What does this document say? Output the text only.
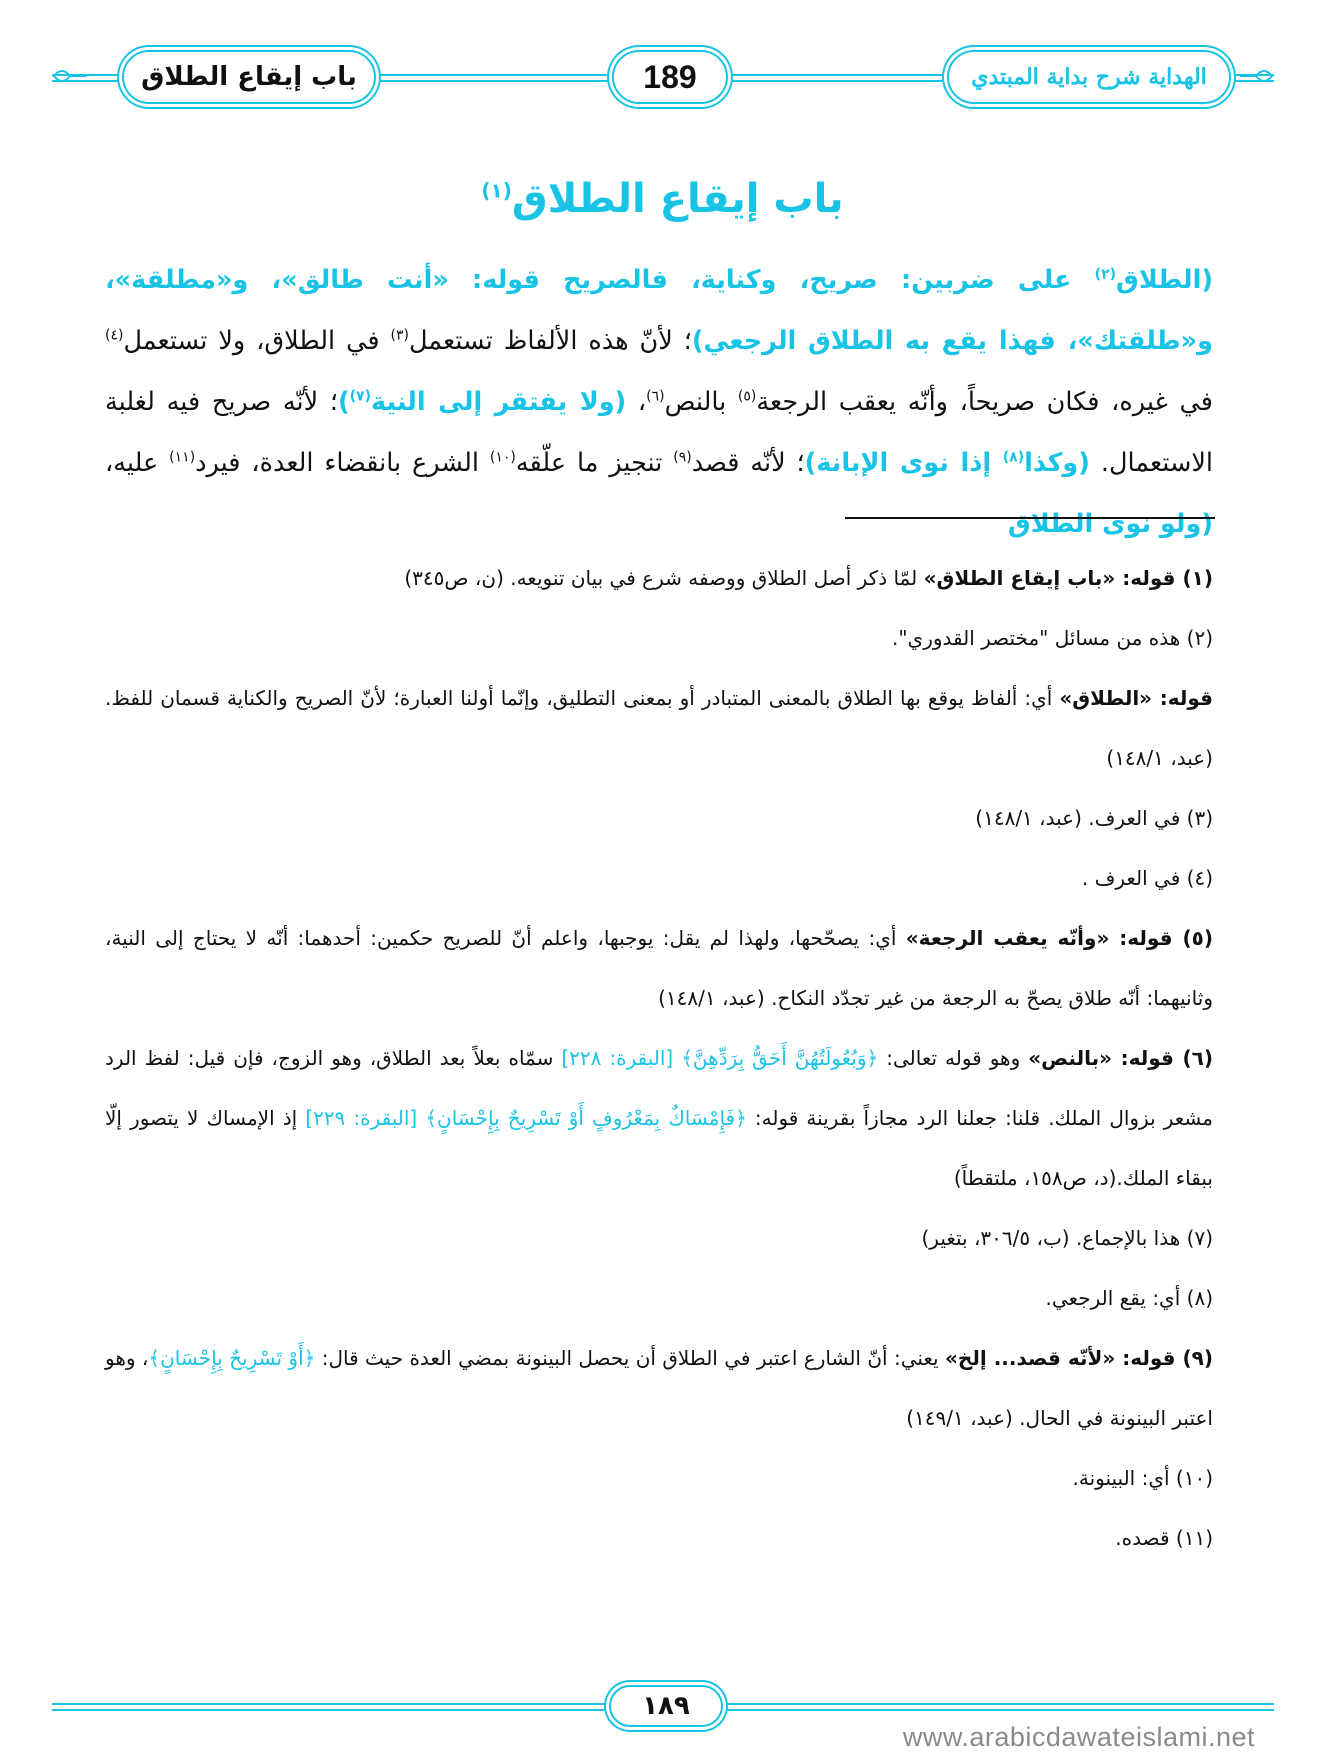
باب إيقاع الطلاق	189	الهداية شرح بداية المبتدي
باب إيقاع الطلاق$^{(١)}$
(الطلاق$^{(٢)}$ على ضربين: صريح، وكناية، فالصريح قوله: «أنت طالق»، و«مطلقة»، و«طلقتك»، فهذا يقع به الطلاق الرجعي)؛ لأنّ هذه الألفاظ تستعمل$^{(٣)}$ في الطلاق، ولا تستعمل$^{(٤)}$ في غيره، فكان صريحاً، وأنّه يعقب الرجعة$^{(٥)}$ بالنص$^{(٦)}$، (ولا يفتقر إلى النية$^{(٧)}$)؛ لأنّه صريح فيه لغلبة الاستعمال. (وكذا$^{(٨)}$ إذا نوى الإبانة)؛ لأنّه قصد$^{(٩)}$ تنجيز ما علّقه$^{(١٠)}$ الشرع بانقضاء العدة، فيرد$^{(١١)}$ عليه، (ولو نوى الطلاق
(١) قوله: «باب إيقاع الطلاق» لمّا ذكر أصل الطلاق ووصفه شرع في بيان تنويعه. (ن، ص٣٤٥)
(٢) هذه من مسائل "مختصر القدوري".
قوله: «الطلاق» أي: ألفاظ يوقع بها الطلاق بالمعنى المتبادر أو بمعنى التطليق، وإنّما أولنا العبارة؛ لأنّ الصريح والكناية قسمان للفظ. (عبد، ١٤٨/١)
(٣) في العرف. (عبد، ١٤٨/١)
(٤) في العرف .
(٥) قوله: «وأنّه يعقب الرجعة» أي: يصحّحها، ولهذا لم يقل: يوجبها، واعلم أنّ للصريح حكمين: أحدهما: أنّه لا يحتاج إلى النية، وثانيهما: أنّه طلاق يصحّ به الرجعة من غير تجدّد النكاح. (عبد، ١٤٨/١)
(٦) قوله: «بالنص» وهو قوله تعالى: ﴿وَبُعُولَتُهُنَّ أَحَقُّ بِرَدِّهِنَّ﴾ [البقرة: ٢٢٨] سمّاه بعلاً بعد الطلاق، وهو الزوج، فإن قيل: لفظ الرد مشعر بزوال الملك. قلنا: جعلنا الرد مجازاً بقرينة قوله: ﴿فَإِمْسَاكٌ بِمَعْرُوفٍ أَوْ تَسْرِيحٌ بِإِحْسَانٍ﴾ [البقرة: ٢٢٩] إذ الإمساك لا يتصور إلّا ببقاء الملك.(د، ص١٥٨، ملتقطاً)
(٧) هذا بالإجماع. (ب، ٣٠٦/٥، بتغير)
(٨) أي: يقع الرجعي.
(٩) قوله: «لأنّه قصد... إلخ» يعني: أنّ الشارع اعتبر في الطلاق أن يحصل البينونة بمضي العدة حيث قال: ﴿أَوْ تَسْرِيحٌ بِإِحْسَانٍ﴾، وهو اعتبر البينونة في الحال. (عبد، ١٤٩/١)
(١٠) أي: البينونة.
(١١) قصده.
١٨٩
www.arabicdawateislami.net
